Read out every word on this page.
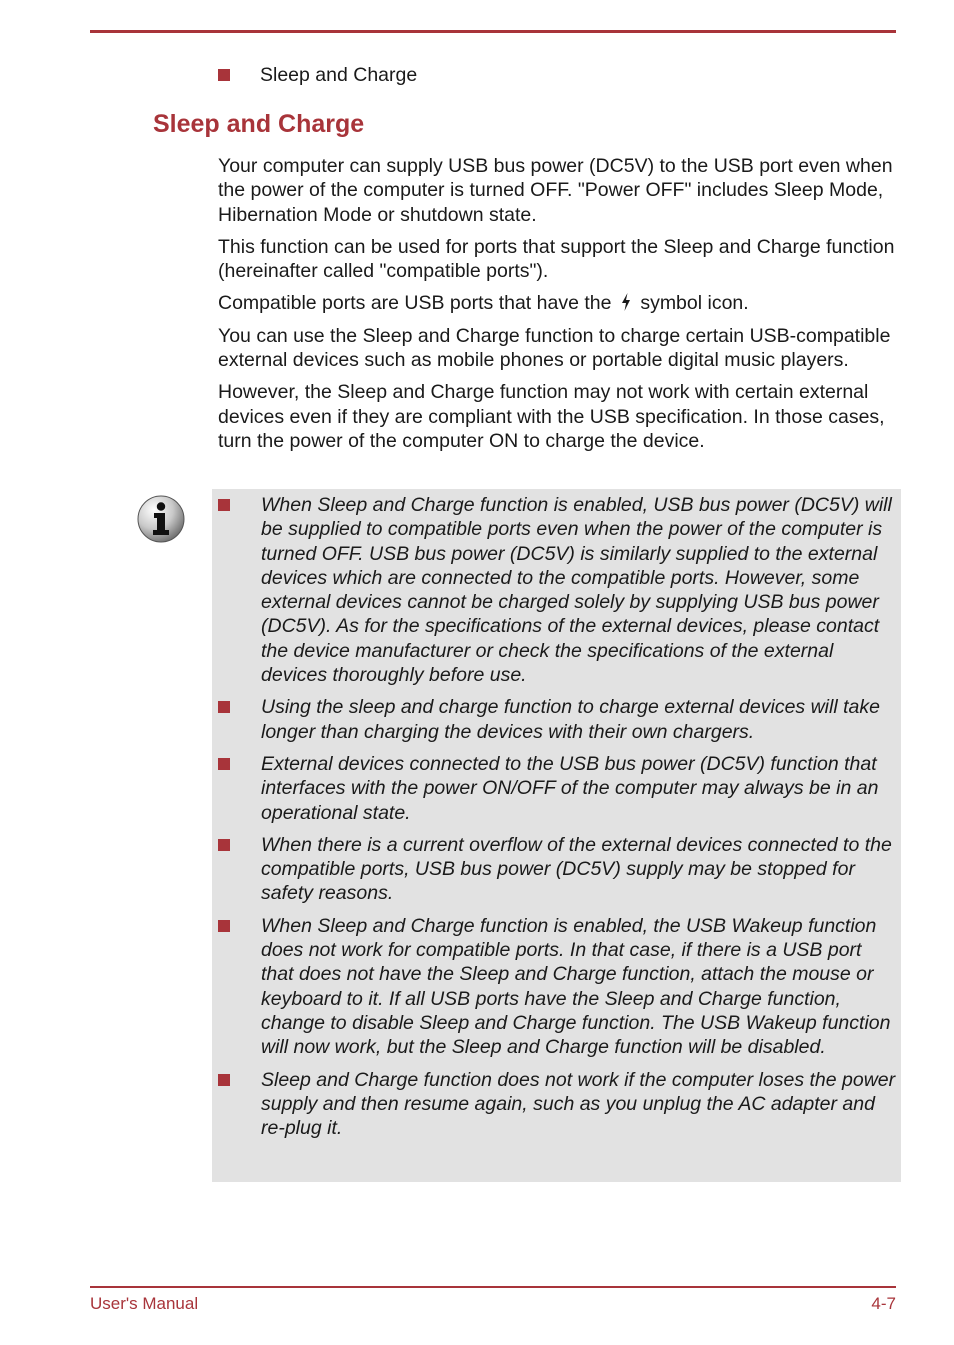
Sleep and Charge
Sleep and Charge

Your computer can supply USB bus power (DC5V) to the USB port even when the power of the computer is turned OFF. "Power OFF" includes Sleep Mode, Hibernation Mode or shutdown state.

This function can be used for ports that support the Sleep and Charge function (hereinafter called "compatible ports").

Compatible ports are USB ports that have the symbol icon.

You can use the Sleep and Charge function to charge certain USB-compatible external devices such as mobile phones or portable digital music players.

However, the Sleep and Charge function may not work with certain external devices even if they are compliant with the USB specification. In those cases, turn the power of the computer ON to charge the device.

When Sleep and Charge function is enabled, USB bus power (DC5V) will be supplied to compatible ports even when the power of the computer is turned OFF. USB bus power (DC5V) is similarly supplied to the external devices which are connected to the compatible ports. However, some external devices cannot be charged solely by supplying USB bus power (DC5V). As for the specifications of the external devices, please contact the device manufacturer or check the specifications of the external devices thoroughly before use.
Using the sleep and charge function to charge external devices will take longer than charging the devices with their own chargers.
External devices connected to the USB bus power (DC5V) function that interfaces with the power ON/OFF of the computer may always be in an operational state.
When there is a current overflow of the external devices connected to the compatible ports, USB bus power (DC5V) supply may be stopped for safety reasons.
When Sleep and Charge function is enabled, the USB Wakeup function does not work for compatible ports. In that case, if there is a USB port that does not have the Sleep and Charge function, attach the mouse or keyboard to it. If all USB ports have the Sleep and Charge function, change to disable Sleep and Charge function. The USB Wakeup function will now work, but the Sleep and Charge function will be disabled.
Sleep and Charge function does not work if the computer loses the power supply and then resume again, such as you unplug the AC adapter and re-plug it.
User's Manual	4-7
